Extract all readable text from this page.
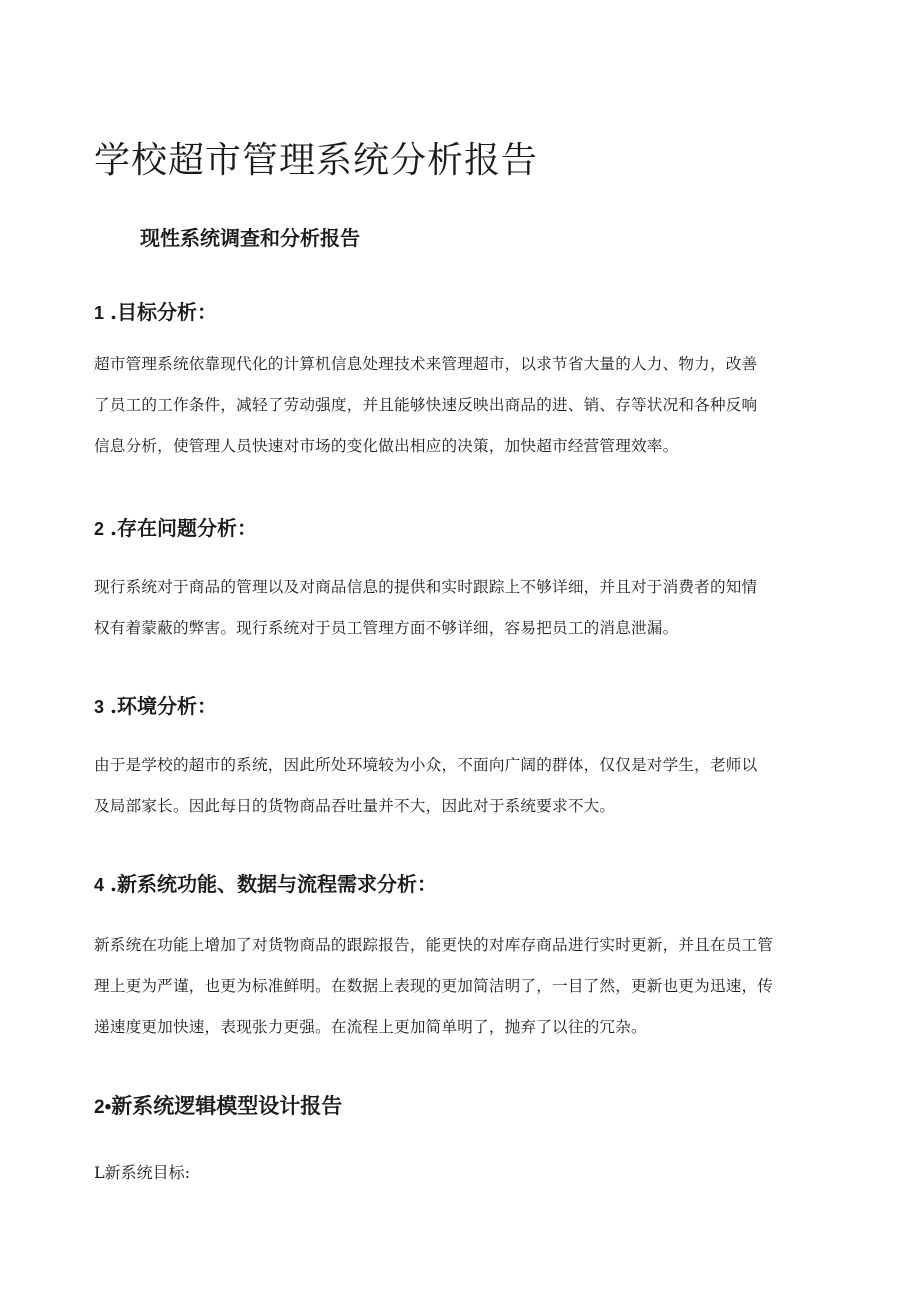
学校超市管理系统分析报告
现性系统调查和分析报告
1 .目标分析：

超市管理系统依靠现代化的计算机信息处理技术来管理超市，以求节省大量的人力、物力，改善
了员工的工作条件，减轻了劳动强度，并且能够快速反映出商品的进、销、存等状况和各种反响
信息分析，使管理人员快速对市场的变化做出相应的决策，加快超市经营管理效率。

2 .存在问题分析：

现行系统对于商品的管理以及对商品信息的提供和实时跟踪上不够详细，并且对于消费者的知情
权有着蒙蔽的弊害。现行系统对于员工管理方面不够详细，容易把员工的消息泄漏。

3 .环境分析：

由于是学校的超市的系统，因此所处环境较为小众，不面向广阔的群体，仅仅是对学生，老师以
及局部家长。因此每日的货物商品吞吐量并不大，因此对于系统要求不大。

4 .新系统功能、数据与流程需求分析：

新系统在功能上增加了对货物商品的跟踪报告，能更快的对库存商品进行实时更新，并且在员工管
理上更为严谨，也更为标准鲜明。在数据上表现的更加简洁明了，一目了然，更新也更为迅速，传
递速度更加快速，表现张力更强。在流程上更加简单明了，抛弃了以往的冗杂。

2•新系统逻辑模型设计报告

L新系统目标:
